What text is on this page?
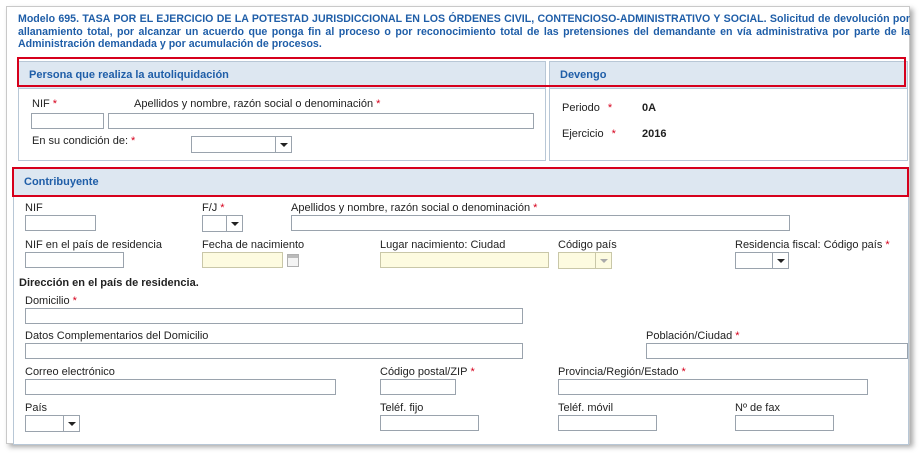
Modelo 695. TASA POR EL EJERCICIO DE LA POTESTAD JURISDICCIONAL EN LOS ÓRDENES CIVIL, CONTENCIOSO-ADMINISTRATIVO Y SOCIAL. Solicitud de devolución por allanamiento total, por alcanzar un acuerdo que ponga fin al proceso o por reconocimiento total de las pretensiones del demandante en vía administrativa por parte de la Administración demandada y por acumulación de procesos.
Persona que realiza la autoliquidación
NIF *	Apellidos y nombre, razón social o denominación *
En su condición de: *
Devengo
Periodo *	0A
Ejercicio * 2016
Contribuyente
NIF	F/J *	Apellidos y nombre, razón social o denominación *
NIF en el país de residencia	Fecha de nacimiento	Lugar nacimiento: Ciudad	Código país	Residencia fiscal: Código país *
Dirección en el país de residencia.
Domicilio *
Datos Complementarios del Domicilio	Población/Ciudad *
Correo electrónico	Código postal/ZIP *	Provincia/Región/Estado *
País	Teléf. fijo	Teléf. móvil	Nº de fax
